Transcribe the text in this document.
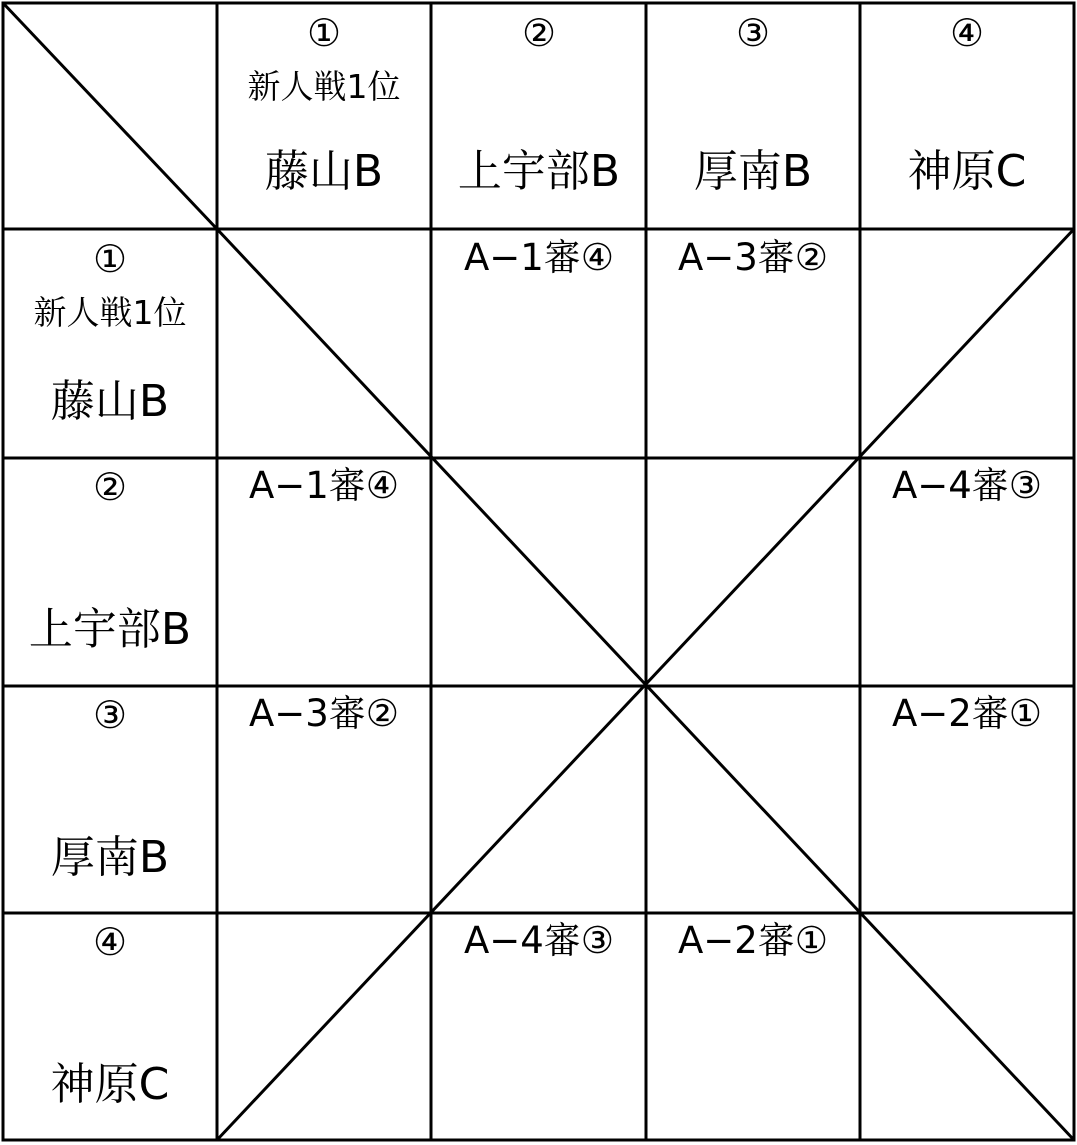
①
新人戦1位
藤山B
②
上宇部B
③
厚南B
④
神原C
①
新人戦1位
藤山B
②
上宇部B
③
厚南B
④
神原C
A−1審④ A−3審②
A−1審④	A−4審③
A−3審②	A−2審①
A−4審③ A−2審①
